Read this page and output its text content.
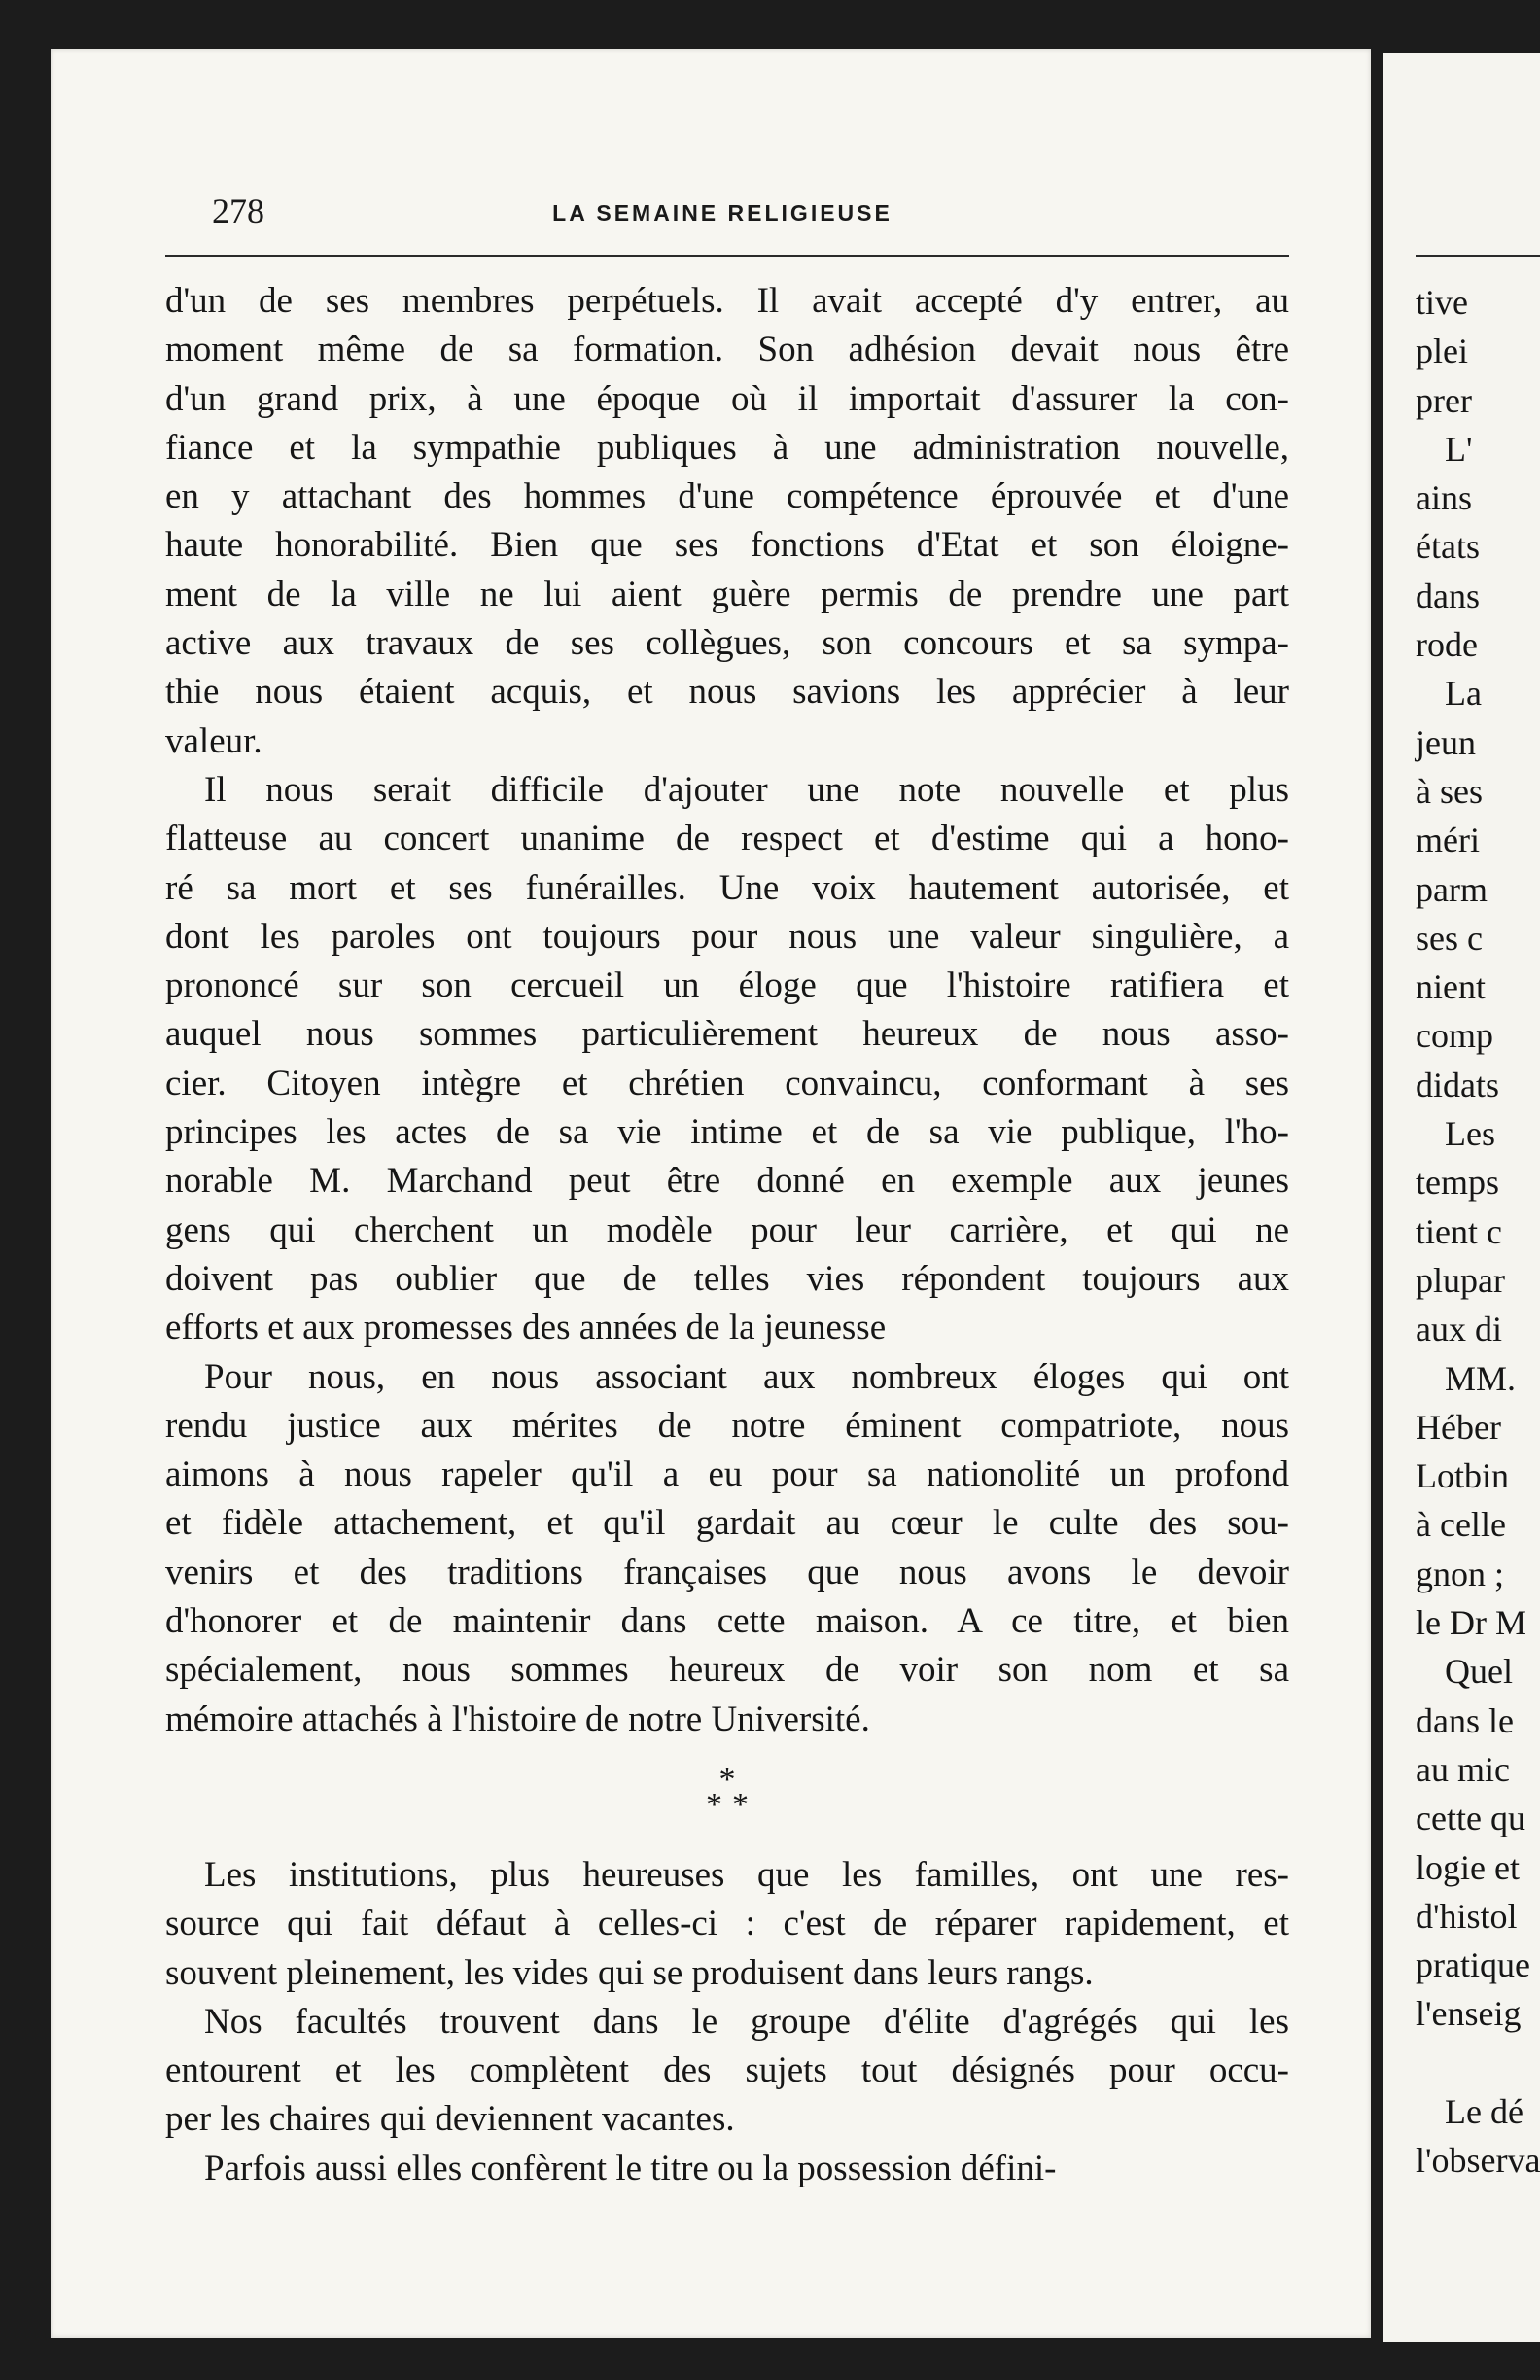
278	LA SEMAINE RELIGIEUSE

d'un de ses membres perpétuels. Il avait accepté d'y entrer, au
moment même de sa formation. Son adhésion devait nous être
d'un grand prix, à une époque où il importait d'assurer la con-
fiance et la sympathie publiques à une administration nouvelle,
en y attachant des hommes d'une compétence éprouvée et d'une
haute honorabilité. Bien que ses fonctions d'Etat et son éloigne-
ment de la ville ne lui aient guère permis de prendre une part
active aux travaux de ses collègues, son concours et sa sympa-
thie nous étaient acquis, et nous savions les apprécier à leur
valeur.

Il nous serait difficile d'ajouter une note nouvelle et plus
flatteuse au concert unanime de respect et d'estime qui a hono-
ré sa mort et ses funérailles. Une voix hautement autorisée, et
dont les paroles ont toujours pour nous une valeur singulière, a
prononcé sur son cercueil un éloge que l'histoire ratifiera et
auquel nous sommes particulièrement heureux de nous asso-
cier. Citoyen intègre et chrétien convaincu, conformant à ses
principes les actes de sa vie intime et de sa vie publique, l'ho-
norable M. Marchand peut être donné en exemple aux jeunes
gens qui cherchent un modèle pour leur carrière, et qui ne
doivent pas oublier que de telles vies répondent toujours aux
efforts et aux promesses des années de la jeunesse

Pour nous, en nous associant aux nombreux éloges qui ont
rendu justice aux mérites de notre éminent compatriote, nous
aimons à nous rapeler qu'il a eu pour sa nationolité un profond
et fidèle attachement, et qu'il gardait au cœur le culte des sou-
venirs et des traditions françaises que nous avons le devoir
d'honorer et de maintenir dans cette maison. A ce titre, et bien
spécialement, nous sommes heureux de voir son nom et sa
mémoire attachés à l'histoire de notre Université.

*
**

Les institutions, plus heureuses que les familles, ont une res-
source qui fait défaut à celles-ci : c'est de réparer rapidement, et
souvent pleinement, les vides qui se produisent dans leurs rangs.

Nos facultés trouvent dans le groupe d'élite d'agrégés qui les
entourent et les complètent des sujets tout désignés pour occu-
per les chaires qui deviennent vacantes.

Parfois aussi elles confèrent le titre ou la possession défini-

tive
plei
prer
L'
ains
états
dans
rode
La
jeun
à ses
méri
parm
ses c
nient
comp
didats
Les
temps
tient c
plupar
aux di
MM.
Héber
Lotbin
à celle
gnon ;
le Dr M
Quel
dans le
au mic
cette qu
logie et
d'histol
pratique
l'enseig
Le dé
l'observa
